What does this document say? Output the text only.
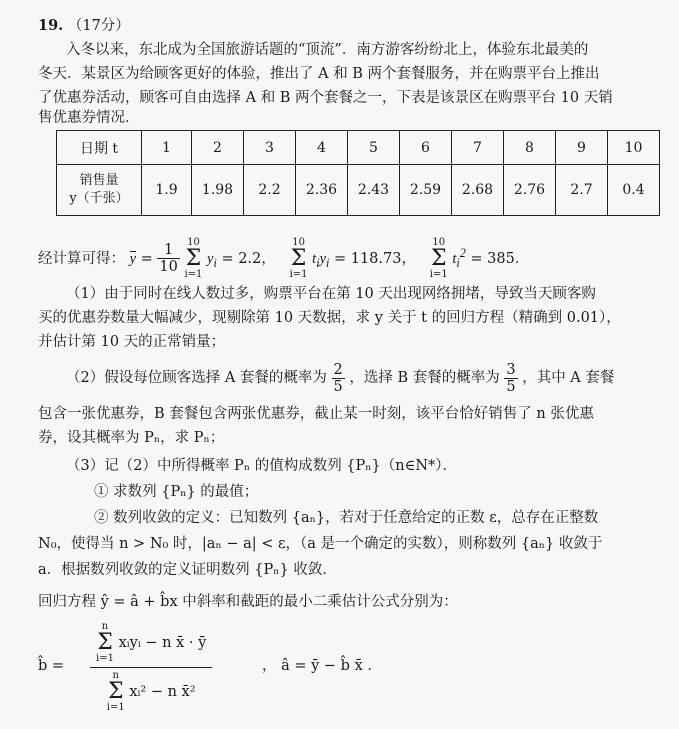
19. （17分）
入冬以来，东北成为全国旅游话题的“顶流”．南方游客纷纷北上，体验东北最美的
冬天．某景区为给顾客更好的体验，推出了 A 和 B 两个套餐服务，并在购票平台上推出
了优惠券活动，顾客可自由选择 A 和 B 两个套餐之一，下表是该景区在购票平台 10 天销
售优惠券情况．
日期 t	1	2	3	4	5	6	7	8	9	10
销售量
y（千张）	1.9	1.98	2.2	2.36	2.43	2.59	2.68	2.76	2.7	0.4
经计算可得： $y = \frac{1}{10} 10$
Σ
i=1 $y_i = 2.2$，   10
Σ
i=1 $t_iy_i = 118.73$，   10
Σ
i=1 $t_i^2 = 385$．
（1）由于同时在线人数过多，购票平台在第 10 天出现网络拥堵，导致当天顾客购
买的优惠券数量大幅减少，现剔除第 10 天数据，求 y 关于 t 的回归方程（精确到 0.01），
并估计第 10 天的正常销量；
（2）假设每位顾客选择 A 套餐的概率为 $\frac{2}{5}$ ，选择 B 套餐的概率为 $\frac{3}{5}$ ，其中 A 套餐
包含一张优惠券，B 套餐包含两张优惠券，截止某一时刻，该平台恰好销售了 n 张优惠
券，设其概率为 Pₙ，求 Pₙ；
（3）记（2）中所得概率 Pₙ 的值构成数列 {Pₙ}（n∈N*）．
① 求数列 {Pₙ} 的最值；
② 数列收敛的定义：已知数列 {aₙ}，若对于任意给定的正数 ε，总存在正整数
N₀，使得当 n > N₀ 时，|aₙ − a| < ε，（a 是一个确定的实数），则称数列 {aₙ} 收敛于
a．根据数列收敛的定义证明数列 {Pₙ} 收敛．
回归方程 ŷ = â + b̂x 中斜率和截距的最小二乘估计公式分别为：
b̂ =
n
Σ
i=1 xᵢyᵢ − n x̄ · ȳ
n
Σ
i=1 xᵢ² − n x̄²
， â = ȳ − b̂ x̄ ．
